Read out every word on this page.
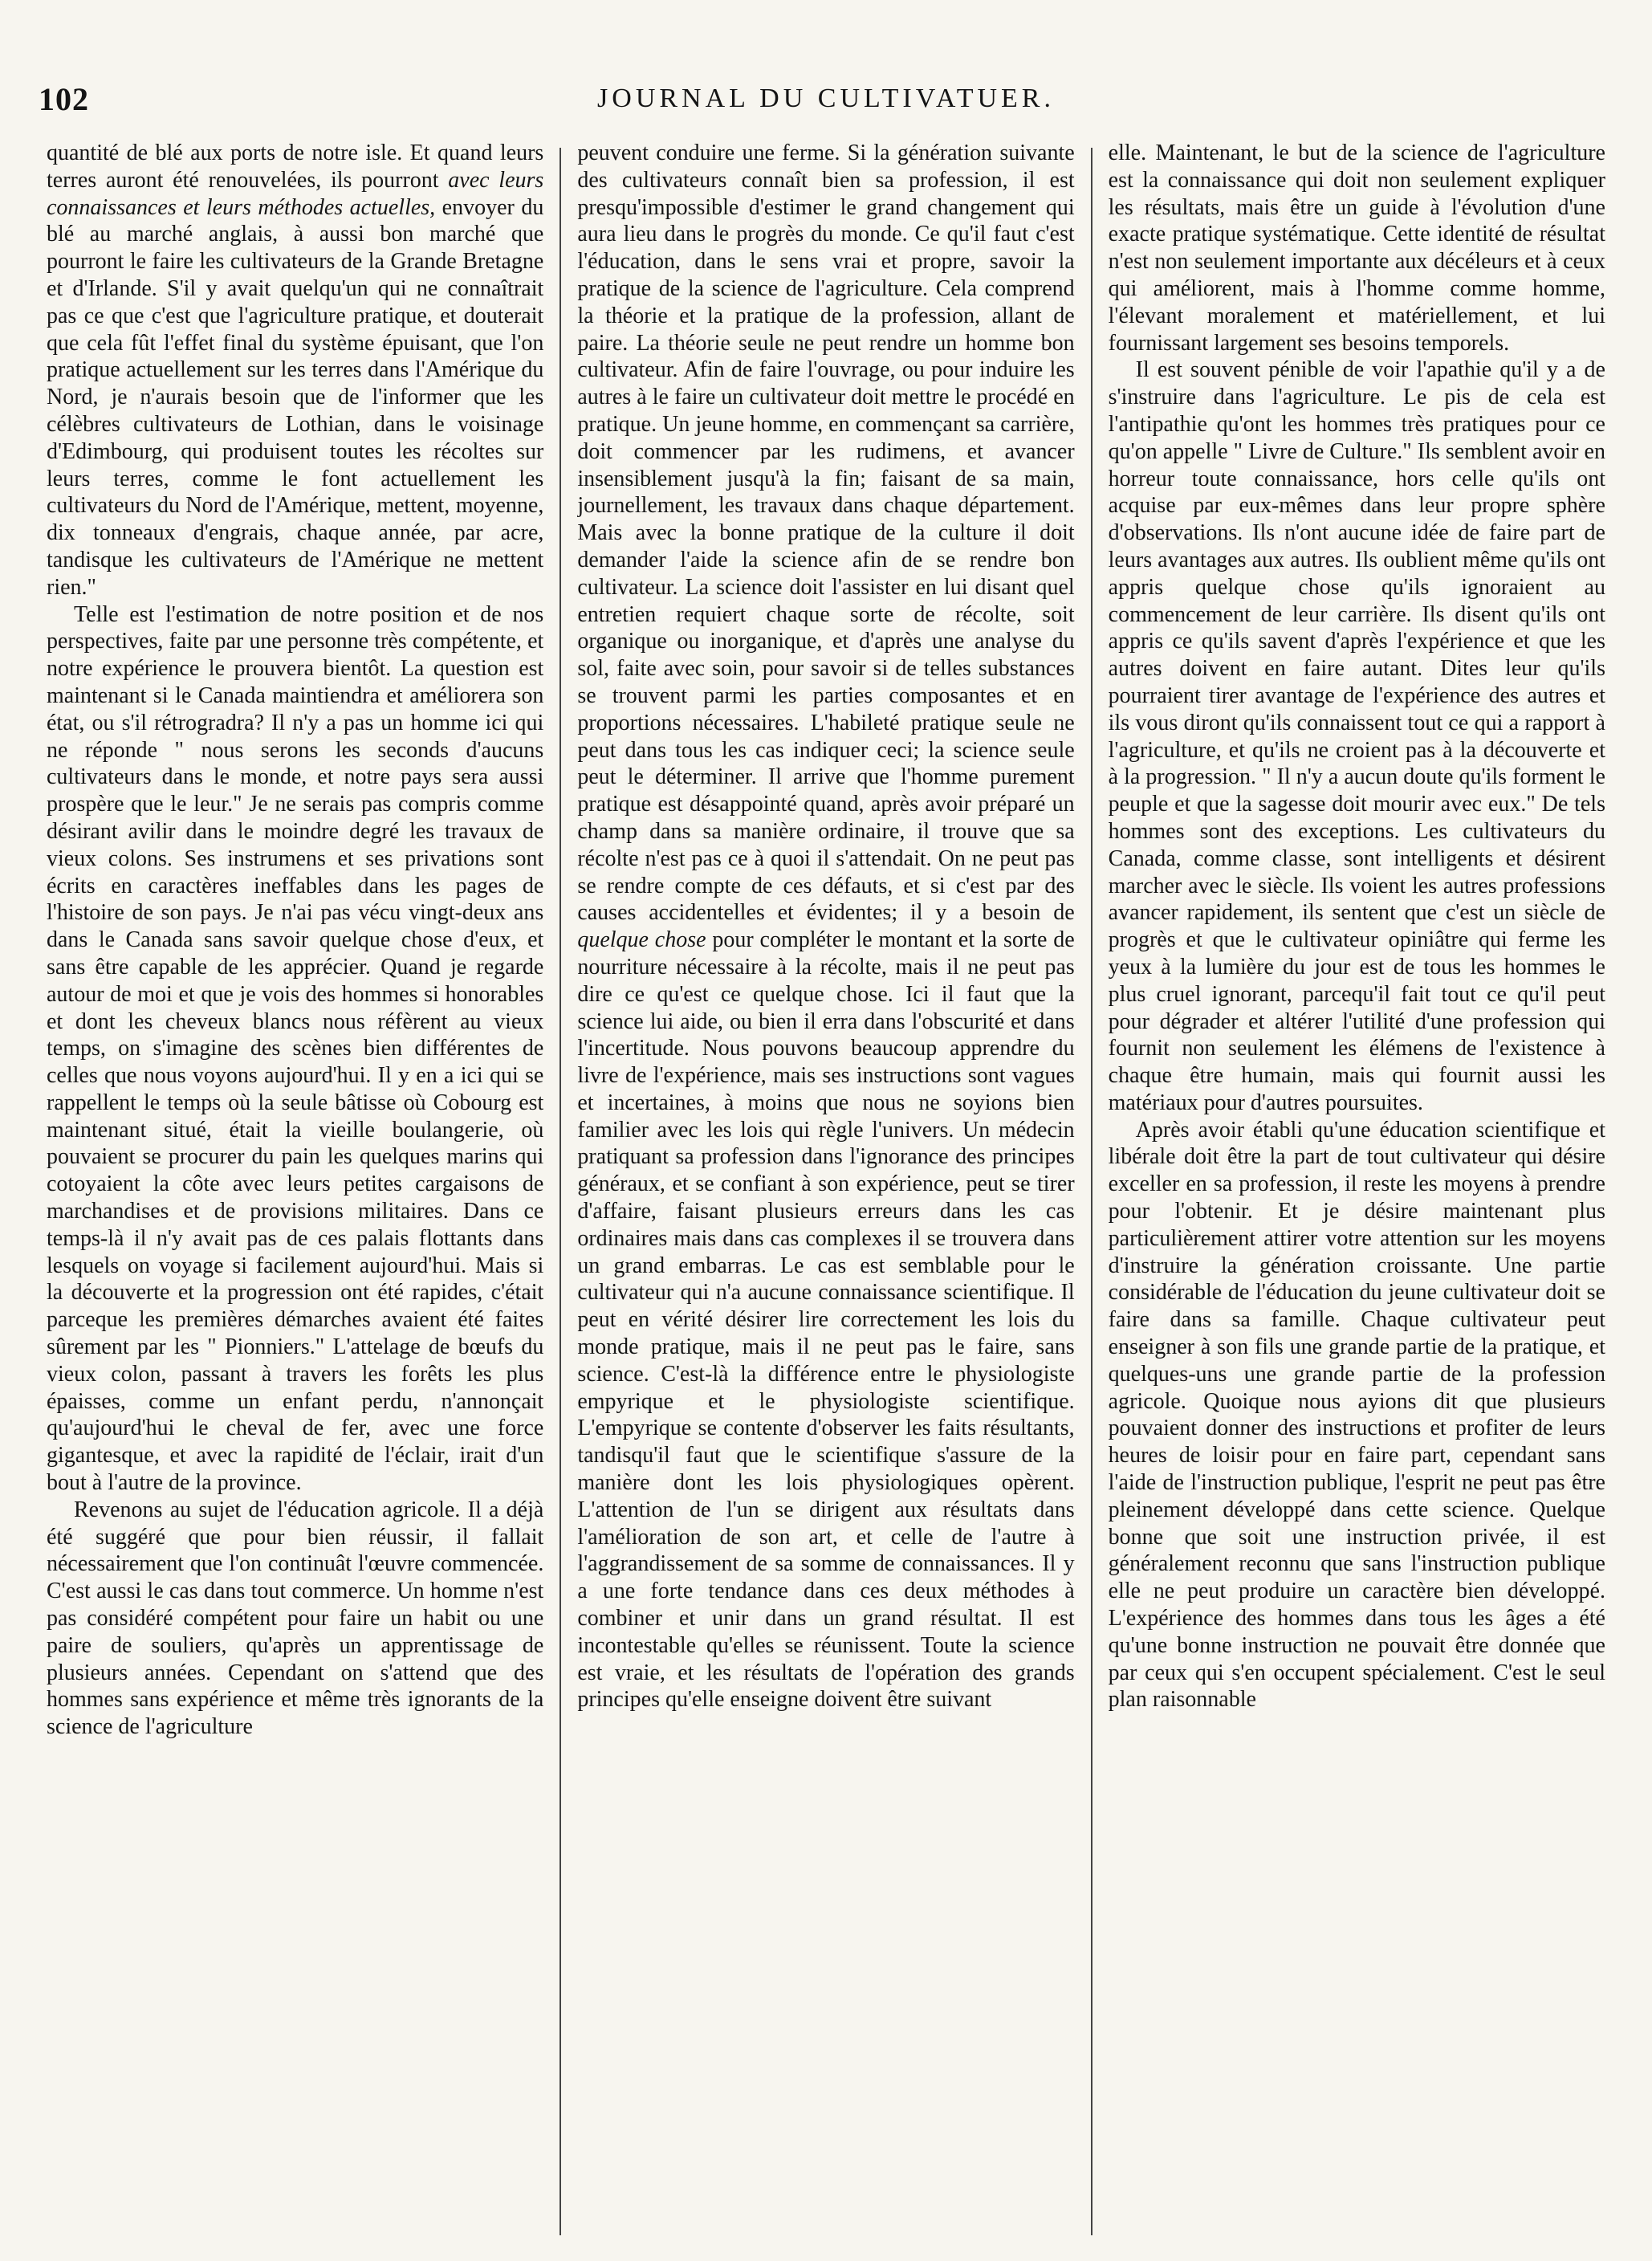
102	JOURNAL DU CULTIVATUER.

quantité de blé aux ports de notre isle. Et quand leurs terres auront été renouvelées, ils pourront avec leurs connaissances et leurs méthodes actuelles, envoyer du blé au marché anglais, à aussi bon marché que pourront le faire les cultivateurs de la Grande Bretagne et d'Irlande. S'il y avait quelqu'un qui ne connaîtrait pas ce que c'est que l'agriculture pratique, et douterait que cela fût l'effet final du système épuisant, que l'on pratique actuellement sur les terres dans l'Amérique du Nord, je n'aurais besoin que de l'informer que les célèbres cultivateurs de Lothian, dans le voisinage d'Edimbourg, qui produisent toutes les récoltes sur leurs terres, comme le font actuellement les cultivateurs du Nord de l'Amérique, mettent, moyenne, dix tonneaux d'engrais, chaque année, par acre, tandisque les cultivateurs de l'Amérique ne mettent rien."

Telle est l'estimation de notre position et de nos perspectives, faite par une personne très compétente, et notre expérience le prouvera bientôt. La question est maintenant si le Canada maintiendra et améliorera son état, ou s'il rétrogradra? Il n'y a pas un homme ici qui ne réponde " nous serons les seconds d'aucuns cultivateurs dans le monde, et notre pays sera aussi prospère que le leur." Je ne serais pas compris comme désirant avilir dans le moindre degré les travaux de vieux colons. Ses instrumens et ses privations sont écrits en caractères ineffables dans les pages de l'histoire de son pays. Je n'ai pas vécu vingt-deux ans dans le Canada sans savoir quelque chose d'eux, et sans être capable de les apprécier. Quand je regarde autour de moi et que je vois des hommes si honorables et dont les cheveux blancs nous réfèrent au vieux temps, on s'imagine des scènes bien différentes de celles que nous voyons aujourd'hui. Il y en a ici qui se rappellent le temps où la seule bâtisse où Cobourg est maintenant situé, était la vieille boulangerie, où pouvaient se procurer du pain les quelques marins qui cotoyaient la côte avec leurs petites cargaisons de marchandises et de provisions militaires. Dans ce temps-là il n'y avait pas de ces palais flottants dans lesquels on voyage si facilement aujourd'hui. Mais si la découverte et la progression ont été rapides, c'était parceque les premières démarches avaient été faites sûrement par les " Pionniers." L'attelage de bœufs du vieux colon, passant à travers les forêts les plus épaisses, comme un enfant perdu, n'annonçait qu'aujourd'hui le cheval de fer, avec une force gigantesque, et avec la rapidité de l'éclair, irait d'un bout à l'autre de la province.

Revenons au sujet de l'éducation agricole. Il a déjà été suggéré que pour bien réussir, il fallait nécessairement que l'on continuât l'œuvre commencée. C'est aussi le cas dans tout commerce. Un homme n'est pas considéré compétent pour faire un habit ou une paire de souliers, qu'après un apprentissage de plusieurs années. Cependant on s'attend que des hommes sans expérience et même très ignorants de la science de l'agriculture

peuvent conduire une ferme. Si la génération suivante des cultivateurs connaît bien sa profession, il est presqu'impossible d'estimer le grand changement qui aura lieu dans le progrès du monde. Ce qu'il faut c'est l'éducation, dans le sens vrai et propre, savoir la pratique de la science de l'agriculture. Cela comprend la théorie et la pratique de la profession, allant de paire. La théorie seule ne peut rendre un homme bon cultivateur. Afin de faire l'ouvrage, ou pour induire les autres à le faire un cultivateur doit mettre le procédé en pratique. Un jeune homme, en commençant sa carrière, doit commencer par les rudimens, et avancer insensiblement jusqu'à la fin; faisant de sa main, journellement, les travaux dans chaque département. Mais avec la bonne pratique de la culture il doit demander l'aide la science afin de se rendre bon cultivateur. La science doit l'assister en lui disant quel entretien requiert chaque sorte de récolte, soit organique ou inorganique, et d'après une analyse du sol, faite avec soin, pour savoir si de telles substances se trouvent parmi les parties composantes et en proportions nécessaires. L'habileté pratique seule ne peut dans tous les cas indiquer ceci; la science seule peut le déterminer. Il arrive que l'homme purement pratique est désappointé quand, après avoir préparé un champ dans sa manière ordinaire, il trouve que sa récolte n'est pas ce à quoi il s'attendait. On ne peut pas se rendre compte de ces défauts, et si c'est par des causes accidentelles et évidentes; il y a besoin de quelque chose pour compléter le montant et la sorte de nourriture nécessaire à la récolte, mais il ne peut pas dire ce qu'est ce quelque chose. Ici il faut que la science lui aide, ou bien il erra dans l'obscurité et dans l'incertitude. Nous pouvons beaucoup apprendre du livre de l'expérience, mais ses instructions sont vagues et incertaines, à moins que nous ne soyions bien familier avec les lois qui règle l'univers. Un médecin pratiquant sa profession dans l'ignorance des principes généraux, et se confiant à son expérience, peut se tirer d'affaire, faisant plusieurs erreurs dans les cas ordinaires mais dans cas complexes il se trouvera dans un grand embarras. Le cas est semblable pour le cultivateur qui n'a aucune connaissance scientifique. Il peut en vérité désirer lire correctement les lois du monde pratique, mais il ne peut pas le faire, sans science. C'est-là la différence entre le physiologiste empyrique et le physiologiste scientifique. L'empyrique se contente d'observer les faits résultants, tandisqu'il faut que le scientifique s'assure de la manière dont les lois physiologiques opèrent. L'attention de l'un se dirigent aux résultats dans l'amélioration de son art, et celle de l'autre à l'aggrandissement de sa somme de connaissances. Il y a une forte tendance dans ces deux méthodes à combiner et unir dans un grand résultat. Il est incontestable qu'elles se réunissent. Toute la science est vraie, et les résultats de l'opération des grands principes qu'elle enseigne doivent être suivant

elle. Maintenant, le but de la science de l'agriculture est la connaissance qui doit non seulement expliquer les résultats, mais être un guide à l'évolution d'une exacte pratique systématique. Cette identité de résultat n'est non seulement importante aux décéleurs et à ceux qui améliorent, mais à l'homme comme homme, l'élevant moralement et matériellement, et lui fournissant largement ses besoins temporels.

Il est souvent pénible de voir l'apathie qu'il y a de s'instruire dans l'agriculture. Le pis de cela est l'antipathie qu'ont les hommes très pratiques pour ce qu'on appelle " Livre de Culture." Ils semblent avoir en horreur toute connaissance, hors celle qu'ils ont acquise par eux-mêmes dans leur propre sphère d'observations. Ils n'ont aucune idée de faire part de leurs avantages aux autres. Ils oublient même qu'ils ont appris quelque chose qu'ils ignoraient au commencement de leur carrière. Ils disent qu'ils ont appris ce qu'ils savent d'après l'expérience et que les autres doivent en faire autant. Dites leur qu'ils pourraient tirer avantage de l'expérience des autres et ils vous diront qu'ils connaissent tout ce qui a rapport à l'agriculture, et qu'ils ne croient pas à la découverte et à la progression. " Il n'y a aucun doute qu'ils forment le peuple et que la sagesse doit mourir avec eux." De tels hommes sont des exceptions. Les cultivateurs du Canada, comme classe, sont intelligents et désirent marcher avec le siècle. Ils voient les autres professions avancer rapidement, ils sentent que c'est un siècle de progrès et que le cultivateur opiniâtre qui ferme les yeux à la lumière du jour est de tous les hommes le plus cruel ignorant, parcequ'il fait tout ce qu'il peut pour dégrader et altérer l'utilité d'une profession qui fournit non seulement les élémens de l'existence à chaque être humain, mais qui fournit aussi les matériaux pour d'autres poursuites.

Après avoir établi qu'une éducation scientifique et libérale doit être la part de tout cultivateur qui désire exceller en sa profession, il reste les moyens à prendre pour l'obtenir. Et je désire maintenant plus particulièrement attirer votre attention sur les moyens d'instruire la génération croissante. Une partie considérable de l'éducation du jeune cultivateur doit se faire dans sa famille. Chaque cultivateur peut enseigner à son fils une grande partie de la pratique, et quelques-uns une grande partie de la profession agricole. Quoique nous ayions dit que plusieurs pouvaient donner des instructions et profiter de leurs heures de loisir pour en faire part, cependant sans l'aide de l'instruction publique, l'esprit ne peut pas être pleinement développé dans cette science. Quelque bonne que soit une instruction privée, il est généralement reconnu que sans l'instruction publique elle ne peut produire un caractère bien développé. L'expérience des hommes dans tous les âges a été qu'une bonne instruction ne pouvait être donnée que par ceux qui s'en occupent spécialement. C'est le seul plan raisonnable
